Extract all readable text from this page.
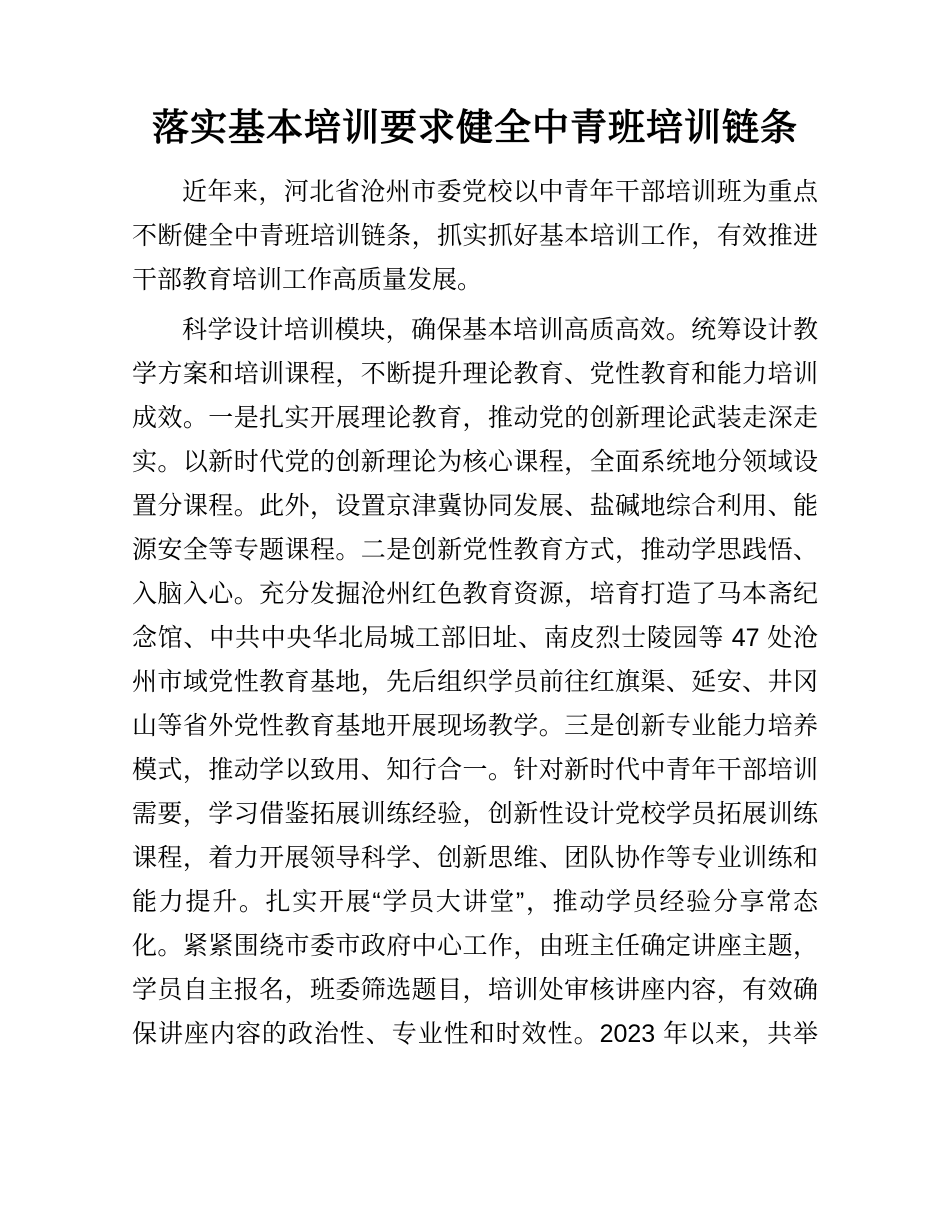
落实基本培训要求健全中青班培训链条
近年来，河北省沧州市委党校以中青年干部培训班为重点
不断健全中青班培训链条，抓实抓好基本培训工作，有效推进
干部教育培训工作高质量发展。
科学设计培训模块，确保基本培训高质高效。统筹设计教
学方案和培训课程，不断提升理论教育、党性教育和能力培训
成效。一是扎实开展理论教育，推动党的创新理论武装走深走
实。以新时代党的创新理论为核心课程，全面系统地分领域设
置分课程。此外，设置京津冀协同发展、盐碱地综合利用、能
源安全等专题课程。二是创新党性教育方式，推动学思践悟、
入脑入心。充分发掘沧州红色教育资源，培育打造了马本斋纪
念馆、中共中央华北局城工部旧址、南皮烈士陵园等 47 处沧
州市域党性教育基地，先后组织学员前往红旗渠、延安、井冈
山等省外党性教育基地开展现场教学。三是创新专业能力培养
模式，推动学以致用、知行合一。针对新时代中青年干部培训
需要，学习借鉴拓展训练经验，创新性设计党校学员拓展训练
课程，着力开展领导科学、创新思维、团队协作等专业训练和
能力提升。扎实开展“学员大讲堂”，推动学员经验分享常态
化。紧紧围绕市委市政府中心工作，由班主任确定讲座主题，
学员自主报名，班委筛选题目，培训处审核讲座内容，有效确
保讲座内容的政治性、专业性和时效性。2023 年以来，共举
